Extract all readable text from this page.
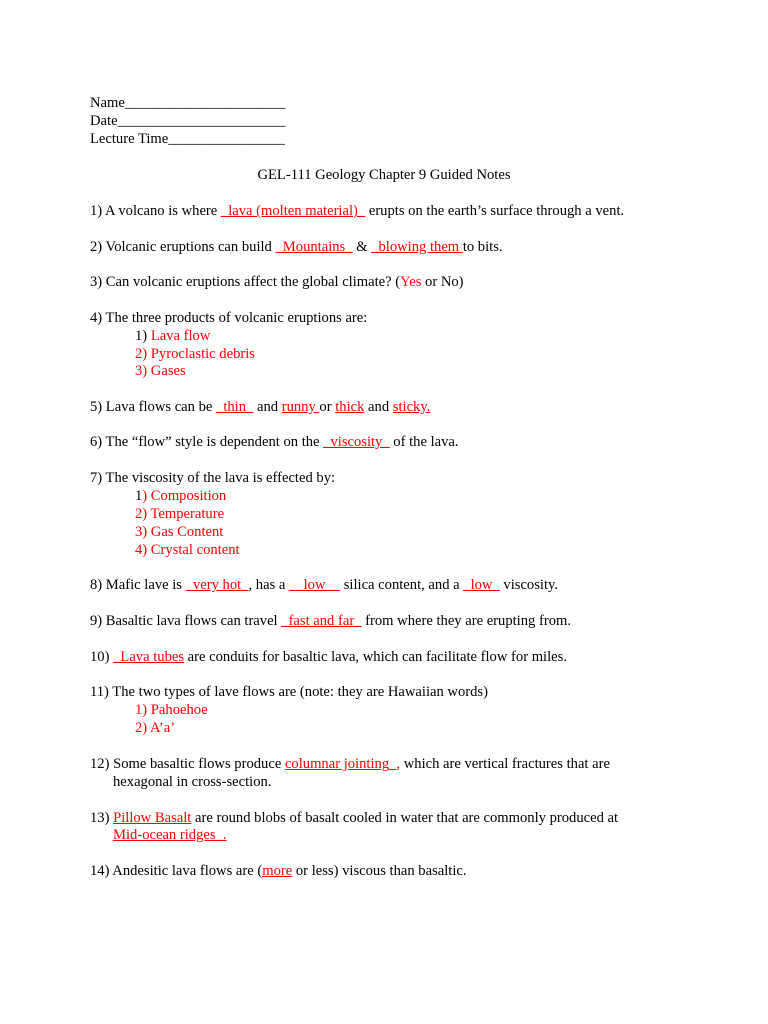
Name______________________
Date_______________________
Lecture Time________________
GEL-111 Geology Chapter 9 Guided Notes
1) A volcano is where _lava (molten material)_ erupts on the earth’s surface through a vent.
2) Volcanic eruptions can build _Mountains_ & _blowing them to bits.
3) Can volcanic eruptions affect the global climate? (Yes or No)
4) The three products of volcanic eruptions are:
1) Lava flow
2) Pyroclastic debris
3) Gases
5) Lava flows can be _thin_ and runny or thick and sticky.
6) The “flow” style is dependent on the _viscosity_ of the lava.
7) The viscosity of the lava is effected by:
1) Composition
2) Temperature
3) Gas Content
4) Crystal content
8) Mafic lave is _very hot_, has a __low__ silica content, and a _low_ viscosity.
9) Basaltic lava flows can travel _fast and far_ from where they are erupting from.
10) _Lava tubes are conduits for basaltic lava, which can facilitate flow for miles.
11) The two types of lave flows are (note: they are Hawaiian words)
1) Pahoehoe
2) A’a’
12) Some basaltic flows produce columnar jointing_, which are vertical fractures that are
hexagonal in cross-section.
13) Pillow Basalt are round blobs of basalt cooled in water that are commonly produced at
Mid-ocean ridges_.
14) Andesitic lava flows are (more or less) viscous than basaltic.
